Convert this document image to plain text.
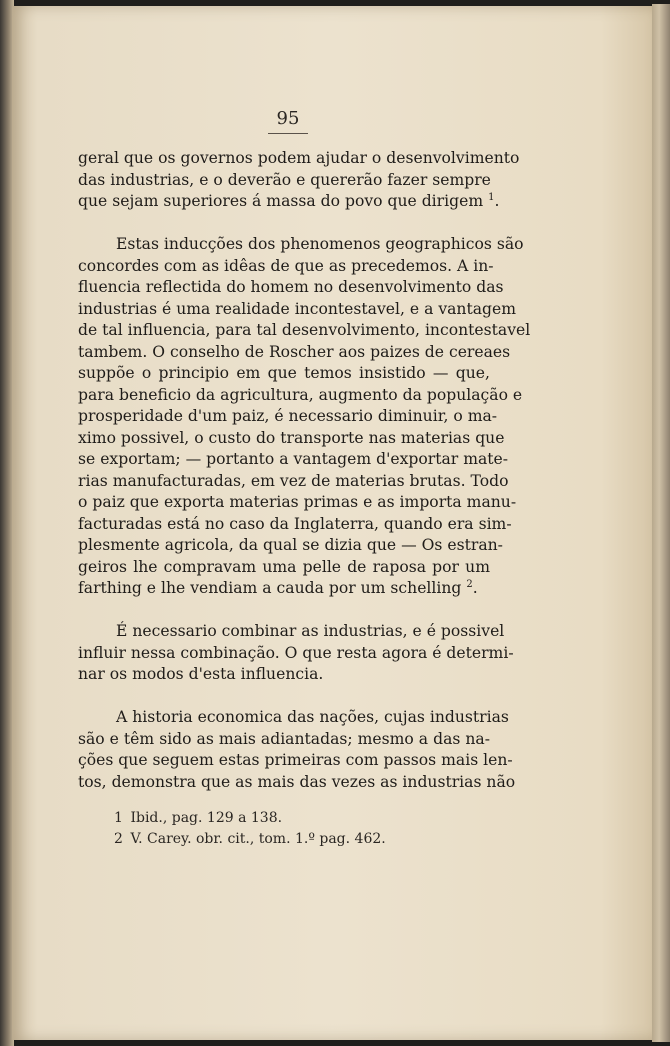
95

geral que os governos podem ajudar o desenvolvimento
das industrias, e o deverão e quererão fazer sempre
que sejam superiores á massa do povo que dirigem $^1$

Estas inducções dos phenomenos geographicos são
concordes com as idêas de que as precedemos. A in-
fluencia reflectida do homem no desenvolvimento das
industrias é uma realidade incontestavel, e a vantagem
de tal influencia, para tal desenvolvimento, incontestavel
tambem. O conselho de Roscher aos paizes de cereaes
suppõe o principio em que temos insistido — que,
para beneficio da agricultura, augmento da população e
prosperidade d'um paiz, é necessario diminuir, o ma-
ximo possivel, o custo do transporte nas materias que
se exportam; — portanto a vantagem d'exportar mate-
rias manufacturadas, em vez de materias brutas. Todo
o paiz que exporta materias primas e as importa manu-
facturadas está no caso da Inglaterra, quando era sim-
plesmente agricola, da qual se dizia que — Os estran-
geiros lhe compravam uma pelle de raposa por um
farthing e lhe vendiam a cauda por um schelling $^2$.

É necessario combinar as industrias, e é possivel
influir nessa combinação. O que resta agora é determi-
nar os modos d'esta influencia.

A historia economica das nações, cujas industrias
são e têm sido as mais adiantadas; mesmo a das na-
ções que seguem estas primeiras com passos mais len-
tos, demonstra que as mais das vezes as industrias não

1 Ibid., pag. 129 a 138.
2 V. Carey. obr. cit., tom. 1.º pag. 462.
